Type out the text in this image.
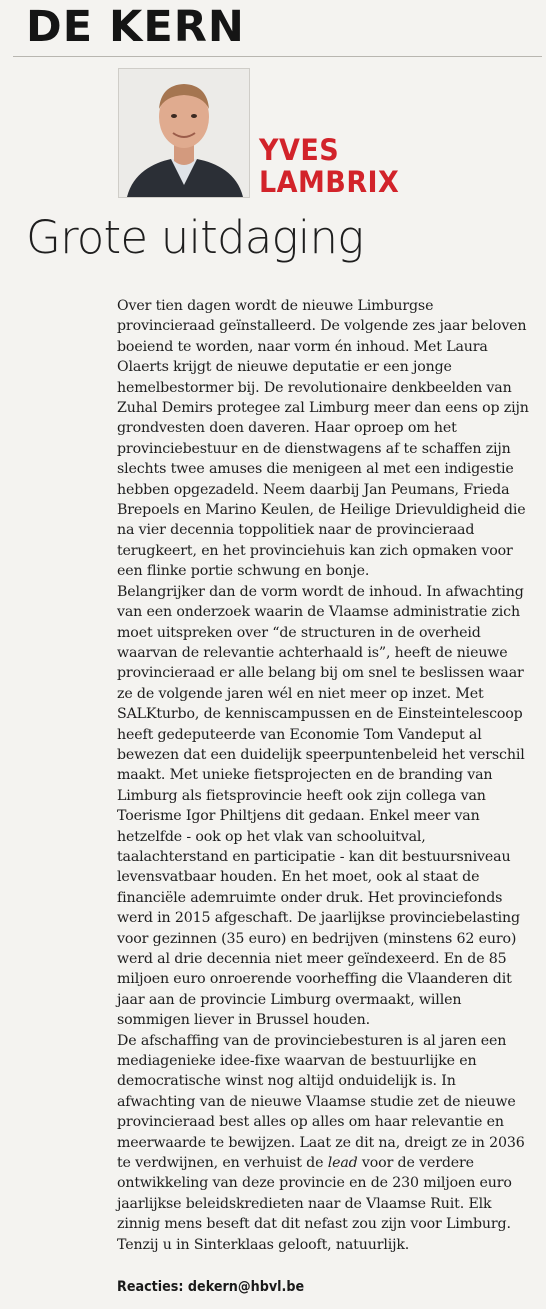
DE KERN
YVES
LAMBRIX
Grote uitdaging

Over tien dagen wordt de nieuwe Limburgse provincieraad geïnstalleerd. De volgende zes jaar beloven boeiend te worden, naar vorm én inhoud. Met Laura Olaerts krijgt de nieuwe deputatie er een jonge hemelbestormer bij. De revolutionaire denkbeelden van Zuhal Demirs protegee zal Limburg meer dan eens op zijn grondvesten doen daveren. Haar oproep om het provinciebestuur en de dienstwagens af te schaffen zijn slechts twee amuses die menigeen al met een indigestie hebben opgezadeld. Neem daarbij Jan Peumans, Frieda Brepoels en Marino Keulen, de Heilige Drievuldigheid die na vier decennia toppolitiek naar de provincieraad terugkeert, en het provinciehuis kan zich opmaken voor een flinke portie schwung en bonje.

Belangrijker dan de vorm wordt de inhoud. In afwachting van een onderzoek waarin de Vlaamse administratie zich moet uitspreken over “de structuren in de overheid waarvan de relevantie achterhaald is”, heeft de nieuwe provincieraad er alle belang bij om snel te beslissen waar ze de volgende jaren wél en niet meer op inzet. Met SALKturbo, de kenniscampussen en de Einsteintelescoop heeft gedeputeerde van Economie Tom Vandeput al bewezen dat een duidelijk speerpuntenbeleid het verschil maakt. Met unieke fietsprojecten en de branding van Limburg als fietsprovincie heeft ook zijn collega van Toerisme Igor Philtjens dit gedaan. Enkel meer van hetzelfde - ook op het vlak van schooluitval, taalachterstand en participatie - kan dit bestuursniveau levensvatbaar houden. En het moet, ook al staat de financiële ademruimte onder druk. Het provinciefonds werd in 2015 afgeschaft. De jaarlijkse provinciebelasting voor gezinnen (35 euro) en bedrijven (minstens 62 euro) werd al drie decennia niet meer geïndexeerd. En de 85 miljoen euro onroerende voorheffing die Vlaanderen dit jaar aan de provincie Limburg overmaakt, willen sommigen liever in Brussel houden.

De afschaffing van de provinciebesturen is al jaren een mediagenieke idee-fixe waarvan de bestuurlijke en democratische winst nog altijd onduidelijk is. In afwachting van de nieuwe Vlaamse studie zet de nieuwe provincieraad best alles op alles om haar relevantie en meerwaarde te bewijzen. Laat ze dit na, dreigt ze in 2036 te verdwijnen, en verhuist de lead voor de verdere ontwikkeling van deze provincie en de 230 miljoen euro jaarlijkse beleidskredieten naar de Vlaamse Ruit. Elk zinnig mens beseft dat dit nefast zou zijn voor Limburg. Tenzij u in Sinterklaas gelooft, natuurlijk.

Reacties: dekern@hbvl.be
